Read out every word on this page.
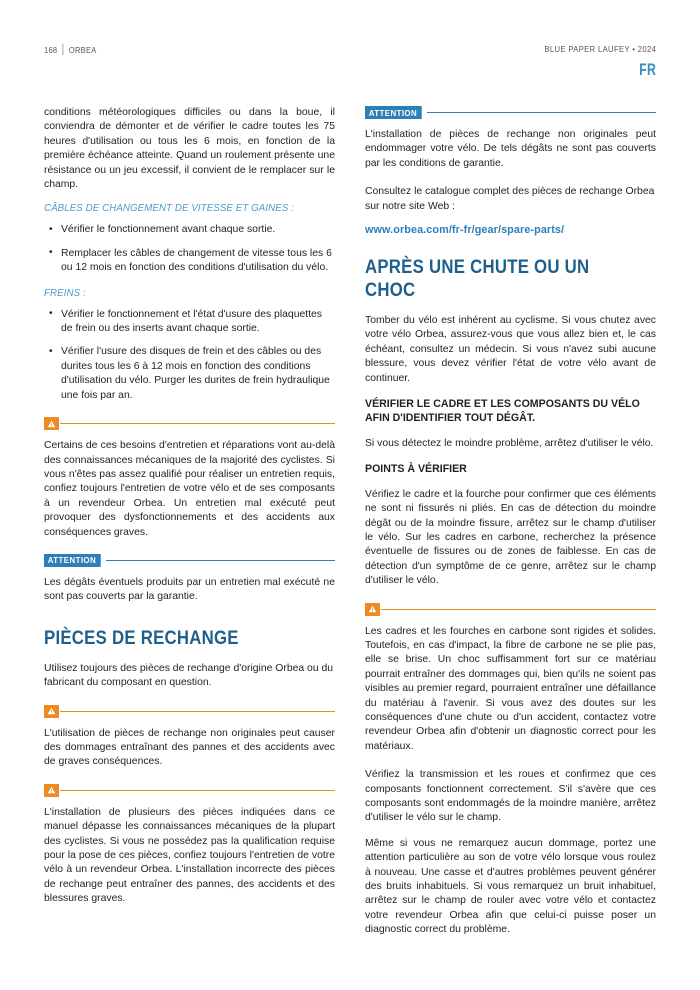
168	ORBEA	BLUE PAPER LAUFEY • 2024
FR

conditions météorologiques difficiles ou dans la boue, il conviendra de démonter et de vérifier le cadre toutes les 75 heures d'utilisation ou tous les 6 mois, en fonction de la première échéance atteinte. Quand un roulement présente une résistance ou un jeu excessif, il convient de le remplacer sur le champ.

CÂBLES DE CHANGEMENT DE VITESSE ET GAINES :
• Vérifier le fonctionnement avant chaque sortie.
• Remplacer les câbles de changement de vitesse tous les 6 ou 12 mois en fonction des conditions d'utilisation du vélo.
FREINS :
• Vérifier le fonctionnement et l'état d'usure des plaquettes de frein ou des inserts avant chaque sortie.
• Vérifier l'usure des disques de frein et des câbles ou des durites tous les 6 à 12 mois en fonction des conditions d'utilisation du vélo. Purger les durites de frein hydraulique une fois par an.

Certains de ces besoins d'entretien et réparations vont au-delà des connaissances mécaniques de la majorité des cyclistes. Si vous n'êtes pas assez qualifié pour réaliser un entretien requis, confiez toujours l'entretien de votre vélo et de ses composants à un revendeur Orbea. Un entretien mal exécuté peut provoquer des dysfonctionnements et des accidents aux conséquences graves.

ATTENTION

Les dégâts éventuels produits par un entretien mal exécuté ne sont pas couverts par la garantie.

PIÈCES DE RECHANGE

Utilisez toujours des pièces de rechange d'origine Orbea ou du fabricant du composant en question.

L'utilisation de pièces de rechange non originales peut causer des dommages entraînant des pannes et des accidents avec de graves conséquences.

L'installation de plusieurs des pièces indiquées dans ce manuel dépasse les connaissances mécaniques de la plupart des cyclistes. Si vous ne possédez pas la qualification requise pour la pose de ces pièces, confiez toujours l'entretien de votre vélo à un revendeur Orbea. L'installation incorrecte des pièces de rechange peut entraîner des pannes, des accidents et des blessures graves.

ATTENTION

L'installation de pièces de rechange non originales peut endommager votre vélo. De tels dégâts ne sont pas couverts par les conditions de garantie.

Consultez le catalogue complet des pièces de rechange Orbea sur notre site Web :

www.orbea.com/fr-fr/gear/spare-parts/
APRÈS UNE CHUTE OU UN CHOC

Tomber du vélo est inhérent au cyclisme. Si vous chutez avec votre vélo Orbea, assurez-vous que vous allez bien et, le cas échéant, consultez un médecin. Si vous n'avez subi aucune blessure, vous devez vérifier l'état de votre vélo avant de continuer.

VÉRIFIER LE CADRE ET LES COMPOSANTS DU VÉLO AFIN D'IDENTIFIER TOUT DÉGÂT.

Si vous détectez le moindre problème, arrêtez d'utiliser le vélo.

POINTS À VÉRIFIER

Vérifiez le cadre et la fourche pour confirmer que ces éléments ne sont ni fissurés ni pliés. En cas de détection du moindre dégât ou de la moindre fissure, arrêtez sur le champ d'utiliser le vélo. Sur les cadres en carbone, recherchez la présence éventuelle de fissures ou de zones de faiblesse. En cas de détection d'un symptôme de ce genre, arrêtez sur le champ d'utiliser le vélo.

Les cadres et les fourches en carbone sont rigides et solides. Toutefois, en cas d'impact, la fibre de carbone ne se plie pas, elle se brise. Un choc suffisamment fort sur ce matériau pourrait entraîner des dommages qui, bien qu'ils ne soient pas visibles au premier regard, pourraient entraîner une défaillance du matériau à l'avenir. Si vous avez des doutes sur les conséquences d'une chute ou d'un accident, contactez votre revendeur Orbea afin d'obtenir un diagnostic correct pour les matériaux.

Vérifiez la transmission et les roues et confirmez que ces composants fonctionnent correctement. S'il s'avère que ces composants sont endommagés de la moindre manière, arrêtez d'utiliser le vélo sur le champ.

Même si vous ne remarquez aucun dommage, portez une attention particulière au son de votre vélo lorsque vous roulez à nouveau. Une casse et d'autres problèmes peuvent générer des bruits inhabituels. Si vous remarquez un bruit inhabituel, arrêtez sur le champ de rouler avec votre vélo et contactez votre revendeur Orbea afin que celui-ci puisse poser un diagnostic correct du problème.
